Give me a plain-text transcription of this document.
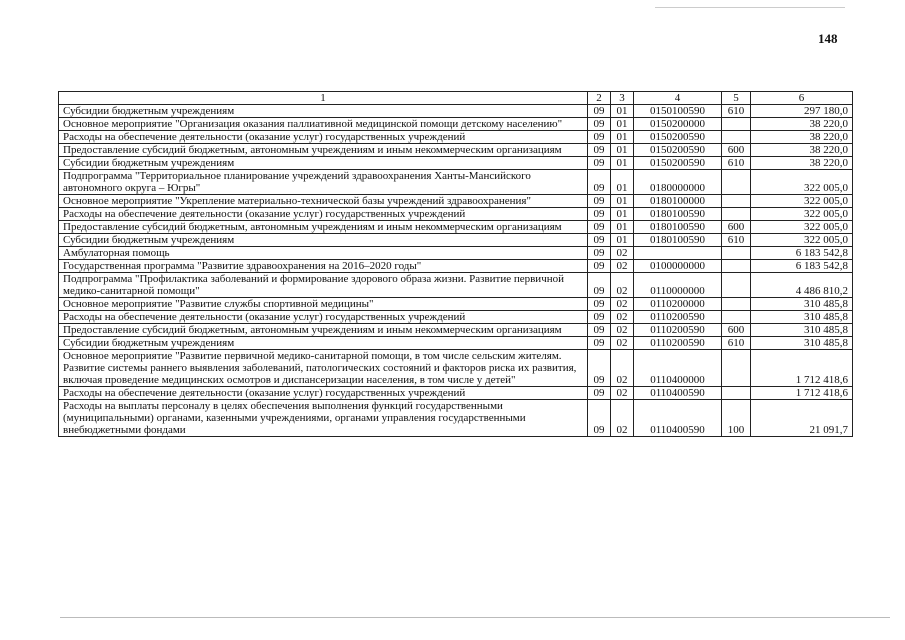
148
1	2	3	4	5	6
Субсидии бюджетным учреждениям	09	01	0150100590	610	297 180,0
Основное мероприятие "Организация оказания паллиативной медицинской помощи детскому населению"	09	01	0150200000		38 220,0
Расходы на обеспечение деятельности (оказание услуг) государственных учреждений	09	01	0150200590		38 220,0
Предоставление субсидий бюджетным, автономным учреждениям и иным некоммерческим организациям	09	01	0150200590	600	38 220,0
Субсидии бюджетным учреждениям	09	01	0150200590	610	38 220,0
Подпрограмма "Территориальное планирование учреждений здравоохранения Ханты-Мансийского автономного округа – Югры"	09	01	0180000000		322 005,0
Основное мероприятие "Укрепление материально-технической базы учреждений здравоохранения"	09	01	0180100000		322 005,0
Расходы на обеспечение деятельности (оказание услуг) государственных учреждений	09	01	0180100590		322 005,0
Предоставление субсидий бюджетным, автономным учреждениям и иным некоммерческим организациям	09	01	0180100590	600	322 005,0
Субсидии бюджетным учреждениям	09	01	0180100590	610	322 005,0
Амбулаторная помощь	09	02			6 183 542,8
Государственная программа "Развитие здравоохранения на 2016–2020 годы"	09	02	0100000000		6 183 542,8
Подпрограмма "Профилактика заболеваний и формирование здорового образа жизни. Развитие первичной медико-санитарной помощи"	09	02	0110000000		4 486 810,2
Основное мероприятие "Развитие службы спортивной медицины"	09	02	0110200000		310 485,8
Расходы на обеспечение деятельности (оказание услуг) государственных учреждений	09	02	0110200590		310 485,8
Предоставление субсидий бюджетным, автономным учреждениям и иным некоммерческим организациям	09	02	0110200590	600	310 485,8
Субсидии бюджетным учреждениям	09	02	0110200590	610	310 485,8
Основное мероприятие "Развитие первичной медико-санитарной помощи, в том числе сельским жителям. Развитие системы раннего выявления заболеваний, патологических состояний и факторов риска их развития, включая проведение медицинских осмотров и диспансеризации населения, в том числе у детей"	09	02	0110400000		1 712 418,6
Расходы на обеспечение деятельности (оказание услуг) государственных учреждений	09	02	0110400590		1 712 418,6
Расходы на выплаты персоналу в целях обеспечения выполнения функций государственными (муниципальными) органами, казенными учреждениями, органами управления государственными внебюджетными фондами	09	02	0110400590	100	21 091,7
